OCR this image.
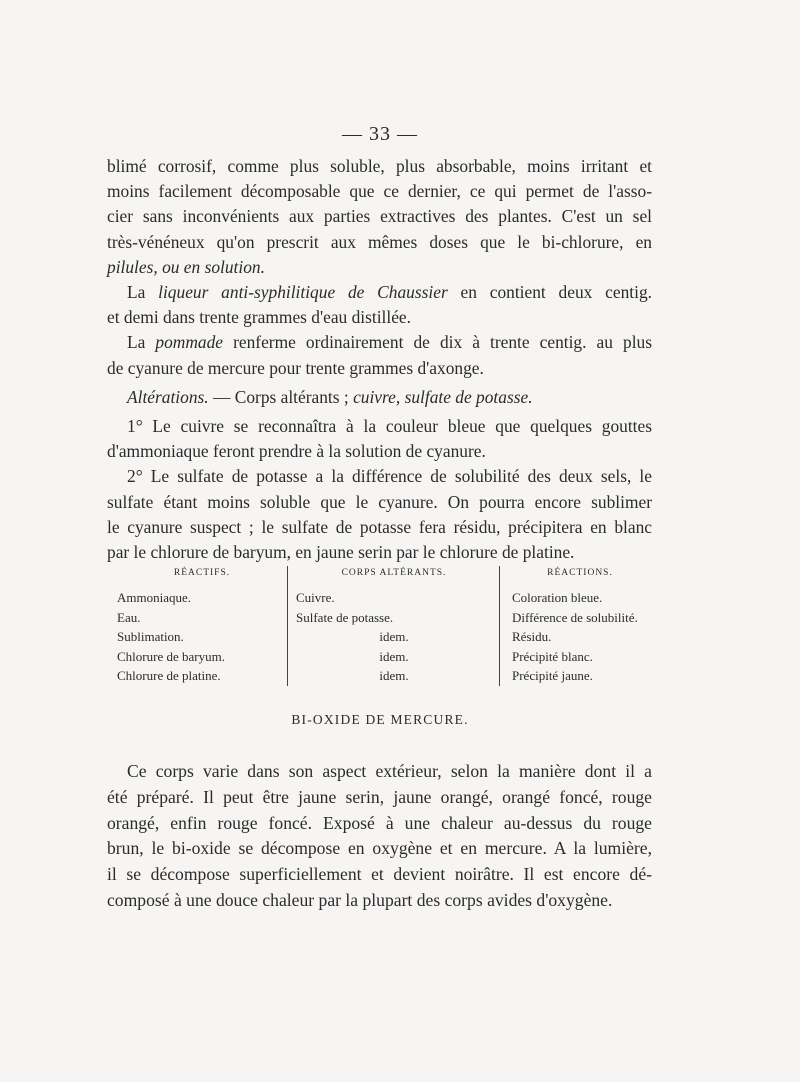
— 33 —
blimé corrosif, comme plus soluble, plus absorbable, moins irritant et
moins facilement décomposable que ce dernier, ce qui permet de l'asso-
cier sans inconvénients aux parties extractives des plantes. C'est un sel
très-vénéneux qu'on prescrit aux mêmes doses que le bi-chlorure, en
pilules, ou en solution.
La liqueur anti-syphilitique de Chaussier en contient deux centig.
et demi dans trente grammes d'eau distillée.
La pommade renferme ordinairement de dix à trente centig. au plus
de cyanure de mercure pour trente grammes d'axonge.
Altérations. — Corps altérants ; cuivre, sulfate de potasse.
1° Le cuivre se reconnaîtra à la couleur bleue que quelques gouttes
d'ammoniaque feront prendre à la solution de cyanure.
2° Le sulfate de potasse a la différence de solubilité des deux sels, le
sulfate étant moins soluble que le cyanure. On pourra encore sublimer
le cyanure suspect ; le sulfate de potasse fera résidu, précipitera en blanc
par le chlorure de baryum, en jaune serin par le chlorure de platine.
RÉACTIFS.
Ammoniaque.
Eau.
Sublimation.
Chlorure de baryum.
Chlorure de platine.
CORPS ALTÉRANTS.
Cuivre.
Sulfate de potasse.
idem.
idem.
idem.
RÉACTIONS.
Coloration bleue.
Différence de solubilité.
Résidu.
Précipité blanc.
Précipité jaune.
BI-OXIDE DE MERCURE.
Ce corps varie dans son aspect extérieur, selon la manière dont il a
été préparé. Il peut être jaune serin, jaune orangé, orangé foncé, rouge
orangé, enfin rouge foncé. Exposé à une chaleur au-dessus du rouge
brun, le bi-oxide se décompose en oxygène et en mercure. A la lumière,
il se décompose superficiellement et devient noirâtre. Il est encore dé-
composé à une douce chaleur par la plupart des corps avides d'oxygène.
